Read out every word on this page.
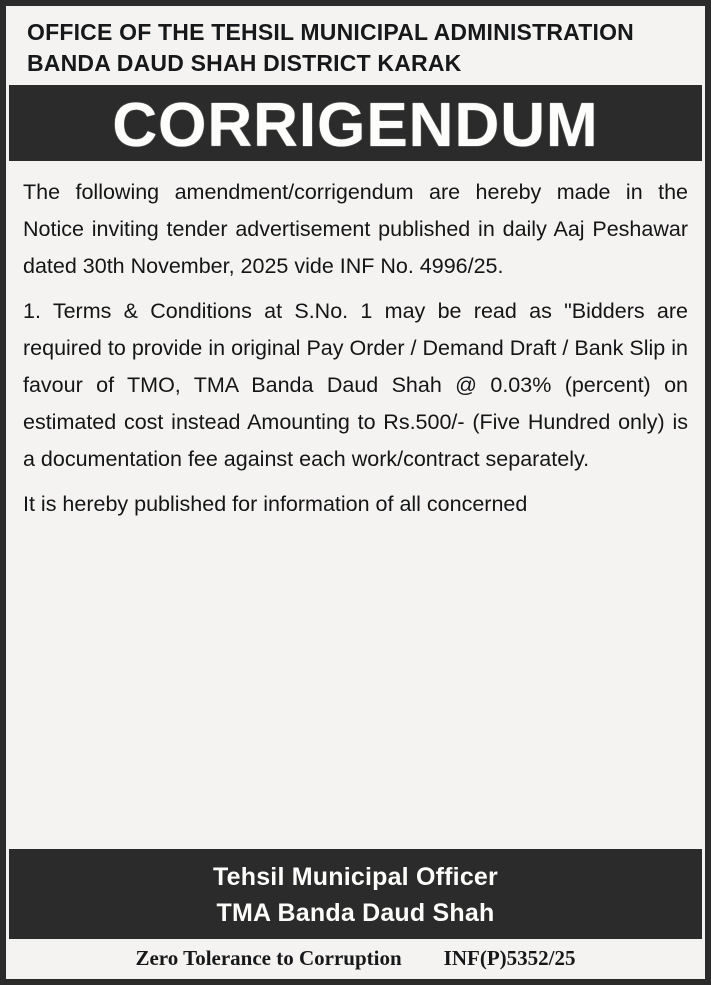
OFFICE OF THE TEHSIL MUNICIPAL ADMINISTRATION
BANDA DAUD SHAH DISTRICT KARAK
CORRIGENDUM

The following amendment/corrigendum are hereby made in the Notice inviting tender advertisement published in daily Aaj Peshawar dated 30th November, 2025 vide INF No. 4996/25.

1. Terms & Conditions at S.No. 1 may be read as "Bidders are required to provide in original Pay Order / Demand Draft / Bank Slip in favour of TMO, TMA Banda Daud Shah @ 0.03% (percent) on estimated cost instead Amounting to Rs.500/- (Five Hundred only) is a documentation fee against each work/contract separately.

It is hereby published for information of all concerned

Tehsil Municipal Officer
TMA Banda Daud Shah
Zero Tolerance to Corruption INF(P)5352/25
